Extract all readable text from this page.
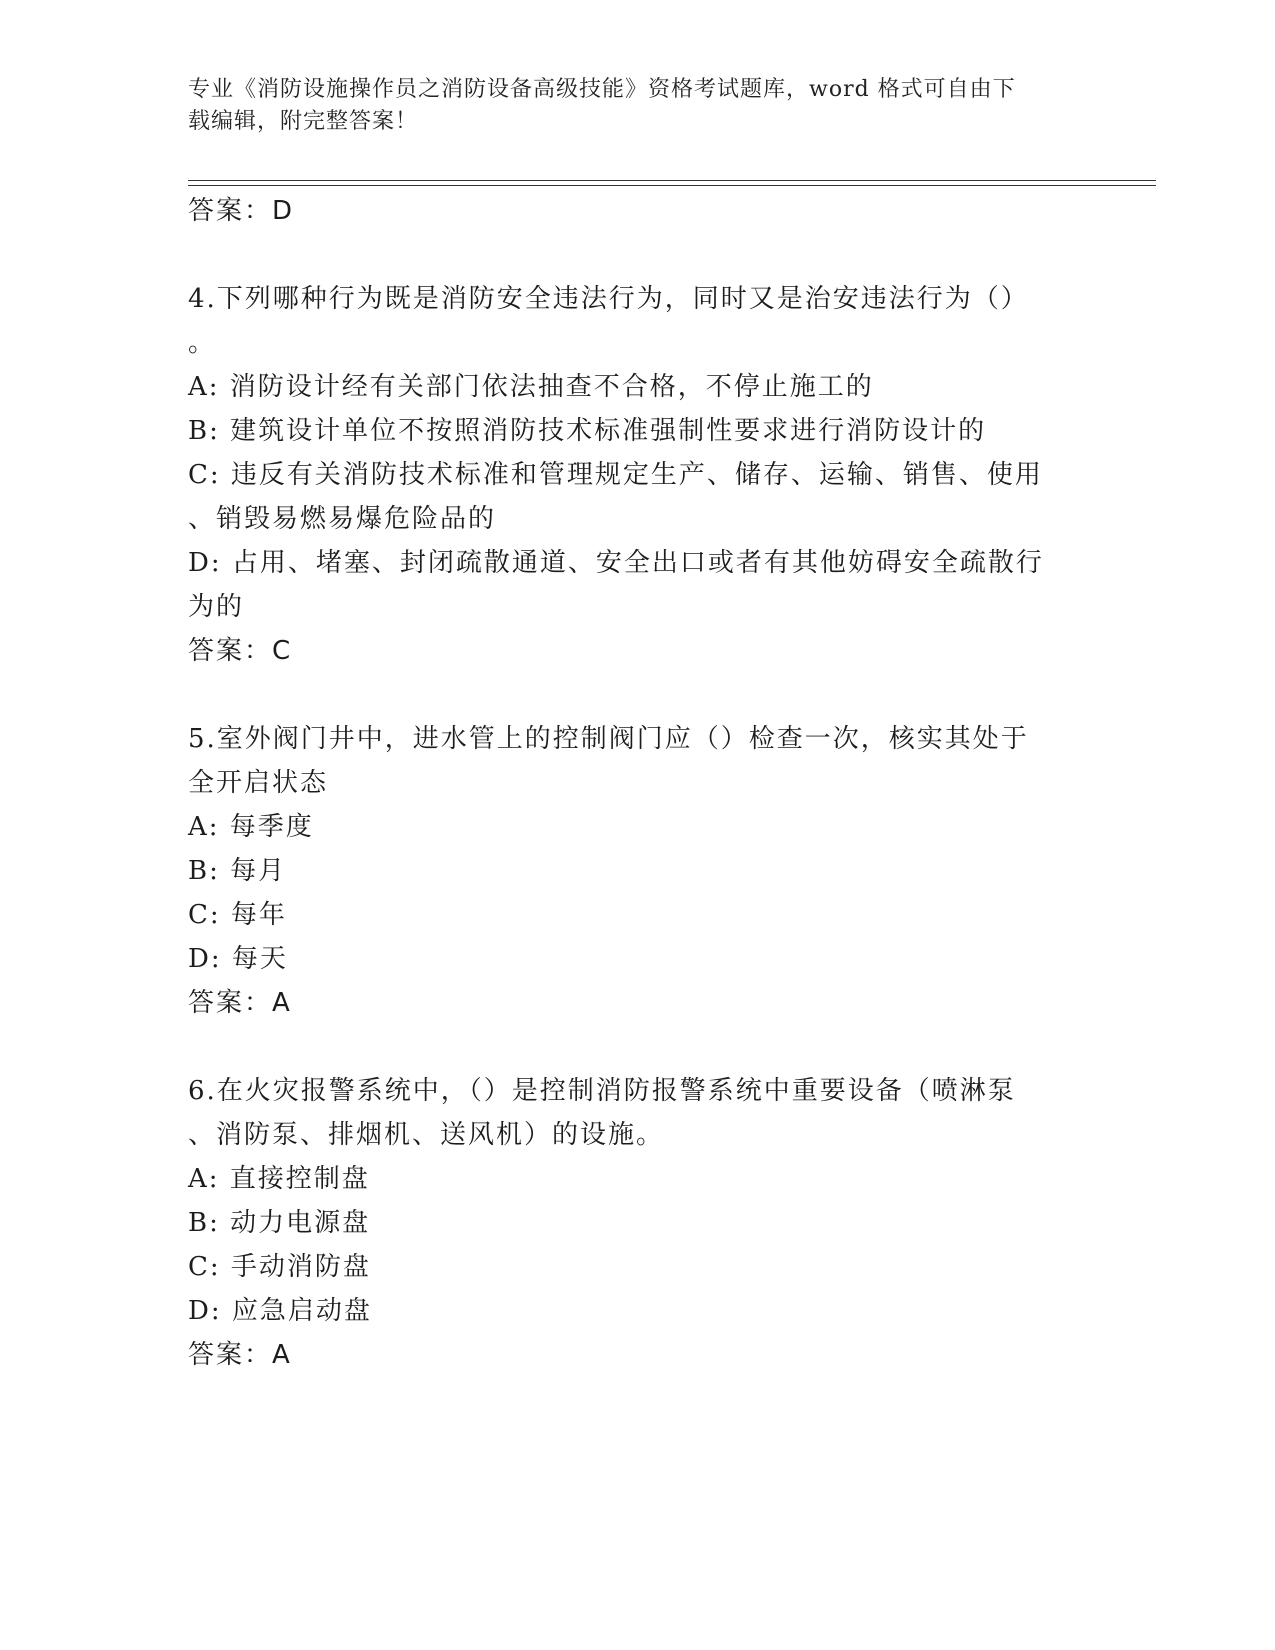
专业《消防设施操作员之消防设备高级技能》资格考试题库，word 格式可自由下
载编辑，附完整答案！
答案：D
4.下列哪种行为既是消防安全违法行为，同时又是治安违法行为（）
。
A: 消防设计经有关部门依法抽查不合格，不停止施工的
B: 建筑设计单位不按照消防技术标准强制性要求进行消防设计的
C: 违反有关消防技术标准和管理规定生产、储存、运输、销售、使用
、销毁易燃易爆危险品的
D: 占用、堵塞、封闭疏散通道、安全出口或者有其他妨碍安全疏散行
为的
答案：C
5.室外阀门井中，进水管上的控制阀门应（）检查一次，核实其处于
全开启状态
A: 每季度
B: 每月
C: 每年
D: 每天
答案：A
6.在火灾报警系统中，（）是控制消防报警系统中重要设备（喷淋泵
、消防泵、排烟机、送风机）的设施。
A: 直接控制盘
B: 动力电源盘
C: 手动消防盘
D: 应急启动盘
答案：A
